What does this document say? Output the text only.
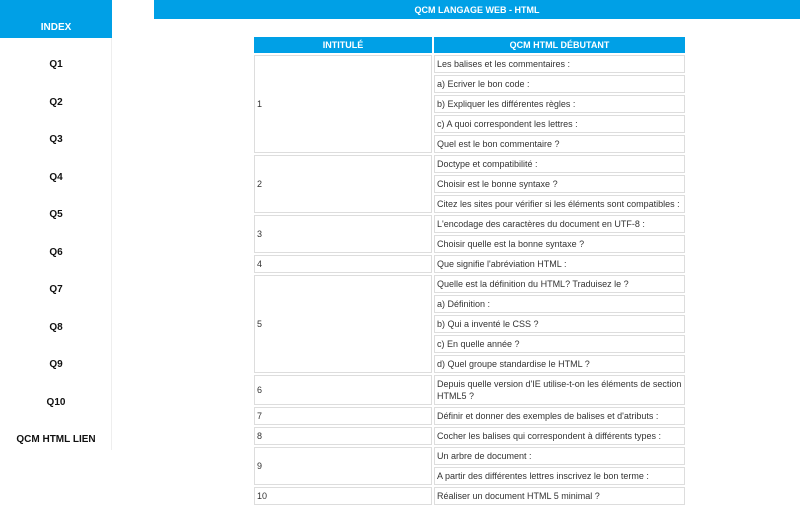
INDEX
Q1
Q2
Q3
Q4
Q5
Q6
Q7
Q8
Q9
Q10
QCM HTML LIEN
QCM LANGAGE WEB - HTML
INTITULÉ	QCM HTML DÉBUTANT
1	Les balises et les commentaires :
	a) Ecriver le bon code :
	b) Expliquer les différentes règles :
	c) A quoi correspondent les lettres :
	Quel est le bon commentaire ?
2	Doctype et compatibilité :
	Choisir est le bonne syntaxe ?
	Citez les sites pour vérifier si les éléments sont compatibles :
3	L'encodage des caractères du document en UTF-8 :
	Choisir quelle est la bonne syntaxe ?
4	Que signifie l'abréviation HTML :
5	Quelle est la définition du HTML? Traduisez le ?
	a) Définition :
	b) Qui a inventé le CSS ?
	c) En quelle année ?
	d) Quel groupe standardise le HTML ?
6	Depuis quelle version d'IE utilise-t-on les éléments de section HTML5 ?
7	Définir et donner des exemples de balises et d'atributs :
8	Cocher les balises qui correspondent à différents types :
9	Un arbre de document :
	A partir des différentes lettres inscrivez le bon terme :
10	Réaliser un document HTML 5 minimal ?
